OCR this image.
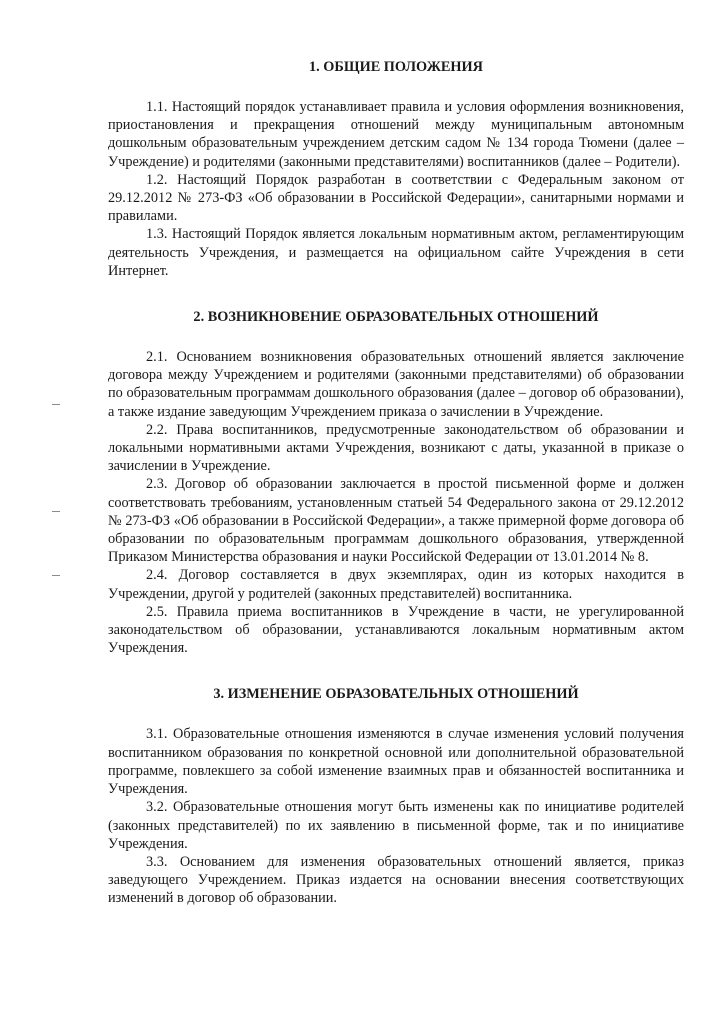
1. ОБЩИЕ ПОЛОЖЕНИЯ

1.1. Настоящий порядок устанавливает правила и условия оформления возникновения, приостановления и прекращения отношений между муниципальным автономным дошкольным образовательным учреждением детским садом № 134 города Тюмени (далее – Учреждение) и родителями (законными представителями) воспитанников (далее – Родители).

1.2. Настоящий Порядок разработан в соответствии с Федеральным законом от 29.12.2012 № 273-ФЗ «Об образовании в Российской Федерации», санитарными нормами и правилами.

1.3. Настоящий Порядок является локальным нормативным актом, регламентирующим деятельность Учреждения, и размещается на официальном сайте Учреждения в сети Интернет.

2. ВОЗНИКНОВЕНИЕ ОБРАЗОВАТЕЛЬНЫХ ОТНОШЕНИЙ

2.1. Основанием возникновения образовательных отношений является заключение договора между Учреждением и родителями (законными представителями) об образовании по образовательным программам дошкольного образования (далее – договор об образовании), а также издание заведующим Учреждением приказа о зачислении в Учреждение.

2.2. Права воспитанников, предусмотренные законодательством об образовании и локальными нормативными актами Учреждения, возникают с даты, указанной в приказе о зачислении в Учреждение.

2.3. Договор об образовании заключается в простой письменной форме и должен соответствовать требованиям, установленным статьей 54 Федерального закона от 29.12.2012 № 273-ФЗ «Об образовании в Российской Федерации», а также примерной форме договора об образовании по образовательным программам дошкольного образования, утвержденной Приказом Министерства образования и науки Российской Федерации от 13.01.2014 № 8.

2.4. Договор составляется в двух экземплярах, один из которых находится в Учреждении, другой у родителей (законных представителей) воспитанника.

2.5. Правила приема воспитанников в Учреждение в части, не урегулированной законодательством об образовании, устанавливаются локальным нормативным актом Учреждения.

3. ИЗМЕНЕНИЕ ОБРАЗОВАТЕЛЬНЫХ ОТНОШЕНИЙ

3.1. Образовательные отношения изменяются в случае изменения условий получения воспитанником образования по конкретной основной или дополнительной образовательной программе, повлекшего за собой изменение взаимных прав и обязанностей воспитанника и Учреждения.

3.2. Образовательные отношения могут быть изменены как по инициативе родителей (законных представителей) по их заявлению в письменной форме, так и по инициативе Учреждения.

3.3. Основанием для изменения образовательных отношений является, приказ заведующего Учреждением. Приказ издается на основании внесения соответствующих изменений в договор об образовании.
